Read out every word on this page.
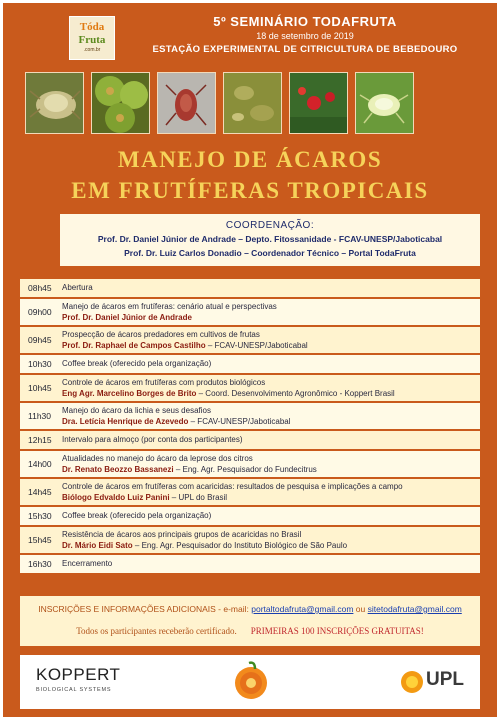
Tóda
Fruta
.com.br
5º SEMINÁRIO TODAFRUTA
18 de setembro de 2019
ESTAÇÃO EXPERIMENTAL DE CITRICULTURA DE BEBEDOURO
MANEJO DE ÁCAROS
EM FRUTÍFERAS TROPICAIS
COORDENAÇÃO:
Prof. Dr. Daniel Júnior de Andrade – Depto. Fitossanidade - FCAV-UNESP/Jaboticabal
Prof. Dr. Luiz Carlos Donadio – Coordenador Técnico – Portal TodaFruta
08h45 Abertura
09h00
Manejo de ácaros em frutíferas: cenário atual e perspectivas
Prof. Dr. Daniel Júnior de Andrade
09h45
Prospecção de ácaros predadores em cultivos de frutas
Prof. Dr. Raphael de Campos Castilho – FCAV-UNESP/Jaboticabal
10h30 Coffee break (oferecido pela organização)
10h45
Controle de ácaros em frutíferas com produtos biológicos
Eng Agr. Marcelino Borges de Brito – Coord. Desenvolvimento Agronômico - Koppert Brasil
11h30
Manejo do ácaro da lichia e seus desafios
Dra. Letícia Henrique de Azevedo – FCAV-UNESP/Jaboticabal
12h15 Intervalo para almoço (por conta dos participantes)
14h00
Atualidades no manejo do ácaro da leprose dos citros
Dr. Renato Beozzo Bassanezi – Eng. Agr. Pesquisador do Fundecitrus
14h45
Controle de ácaros em frutíferas com acaricidas: resultados de pesquisa e implicações a campo
Biólogo Edvaldo Luiz Panini – UPL do Brasil
15h30 Coffee break (oferecido pela organização)
15h45
Resistência de ácaros aos principais grupos de acaricidas no Brasil
Dr. Mário Eidi Sato – Eng. Agr. Pesquisador do Instituto Biológico de São Paulo
16h30 Encerramento
INSCRIÇÕES E INFORMAÇÕES ADICIONAIS - e-mail: portaltodafruta@gmail.com ou sitetodafruta@gmail.com
Todos os participantes receberão certificado. PRIMEIRAS 100 INSCRIÇÕES GRATUITAS!
KOPPERT
BIOLOGICAL SYSTEMS	UPL
